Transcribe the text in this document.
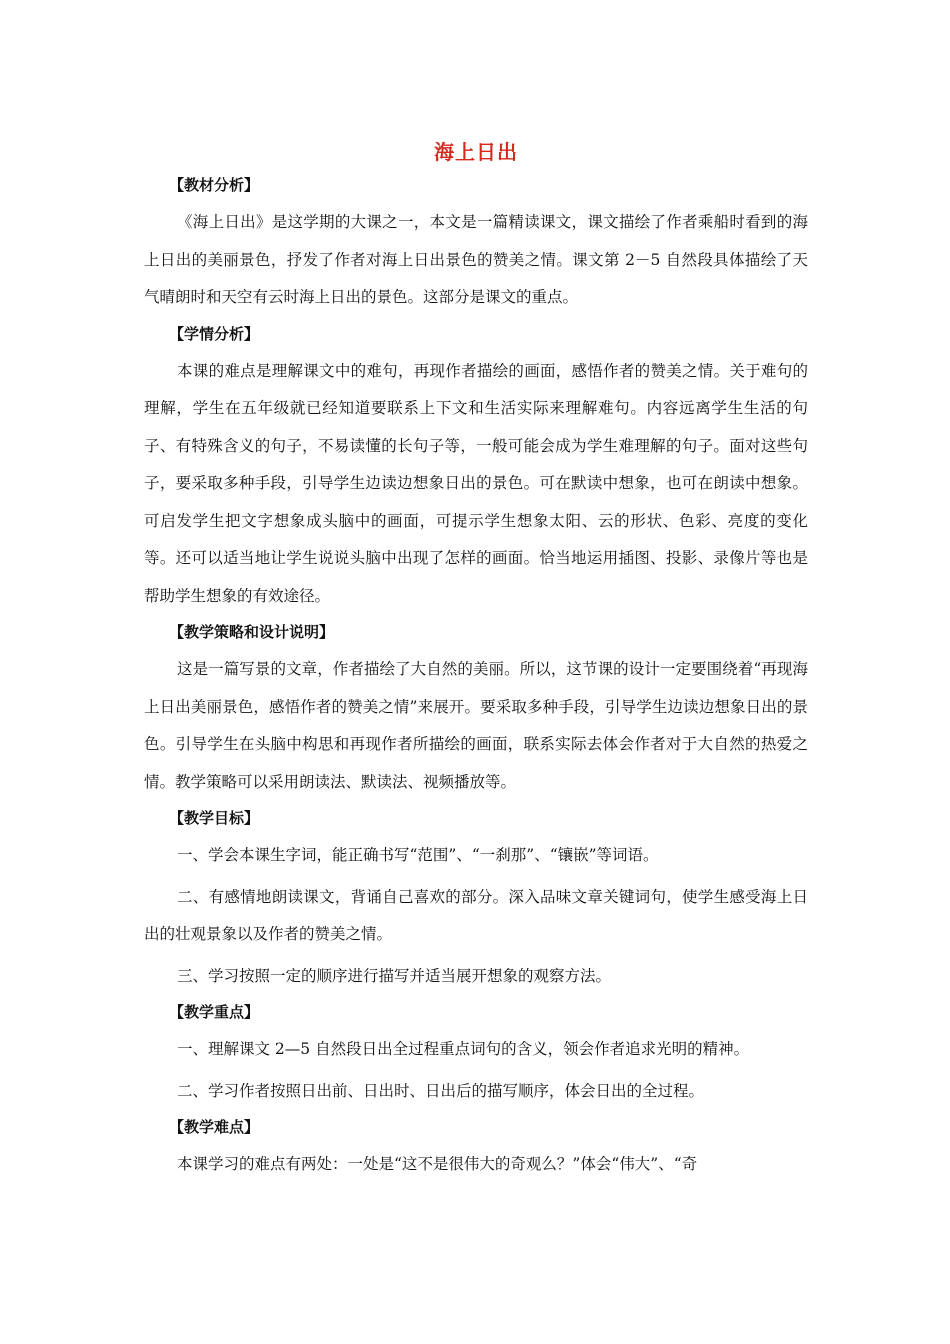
海上日出
【教材分析】

《海上日出》是这学期的大课之一，本文是一篇精读课文，课文描绘了作者乘船时看到的海上日出的美丽景色，抒发了作者对海上日出景色的赞美之情。课文第 2－5 自然段具体描绘了天气晴朗时和天空有云时海上日出的景色。这部分是课文的重点。

【学情分析】

本课的难点是理解课文中的难句，再现作者描绘的画面，感悟作者的赞美之情。关于难句的理解，学生在五年级就已经知道要联系上下文和生活实际来理解难句。内容远离学生生活的句子、有特殊含义的句子，不易读懂的长句子等，一般可能会成为学生难理解的句子。面对这些句子，要采取多种手段，引导学生边读边想象日出的景色。可在默读中想象，也可在朗读中想象。可启发学生把文字想象成头脑中的画面，可提示学生想象太阳、云的形状、色彩、亮度的变化等。还可以适当地让学生说说头脑中出现了怎样的画面。恰当地运用插图、投影、录像片等也是帮助学生想象的有效途径。

【教学策略和设计说明】

这是一篇写景的文章，作者描绘了大自然的美丽。所以，这节课的设计一定要围绕着“再现海上日出美丽景色，感悟作者的赞美之情”来展开。要采取多种手段，引导学生边读边想象日出的景色。引导学生在头脑中构思和再现作者所描绘的画面，联系实际去体会作者对于大自然的热爱之情。教学策略可以采用朗读法、默读法、视频播放等。

【教学目标】

一、学会本课生字词，能正确书写“范围”、“一刹那”、“镶嵌”等词语。

二、有感情地朗读课文，背诵自己喜欢的部分。深入品味文章关键词句，使学生感受海上日出的壮观景象以及作者的赞美之情。

三、学习按照一定的顺序进行描写并适当展开想象的观察方法。

【教学重点】

一、理解课文 2—5 自然段日出全过程重点词句的含义，领会作者追求光明的精神。

二、学习作者按照日出前、日出时、日出后的描写顺序，体会日出的全过程。

【教学难点】

本课学习的难点有两处：一处是“这不是很伟大的奇观么？”体会“伟大”、“奇
